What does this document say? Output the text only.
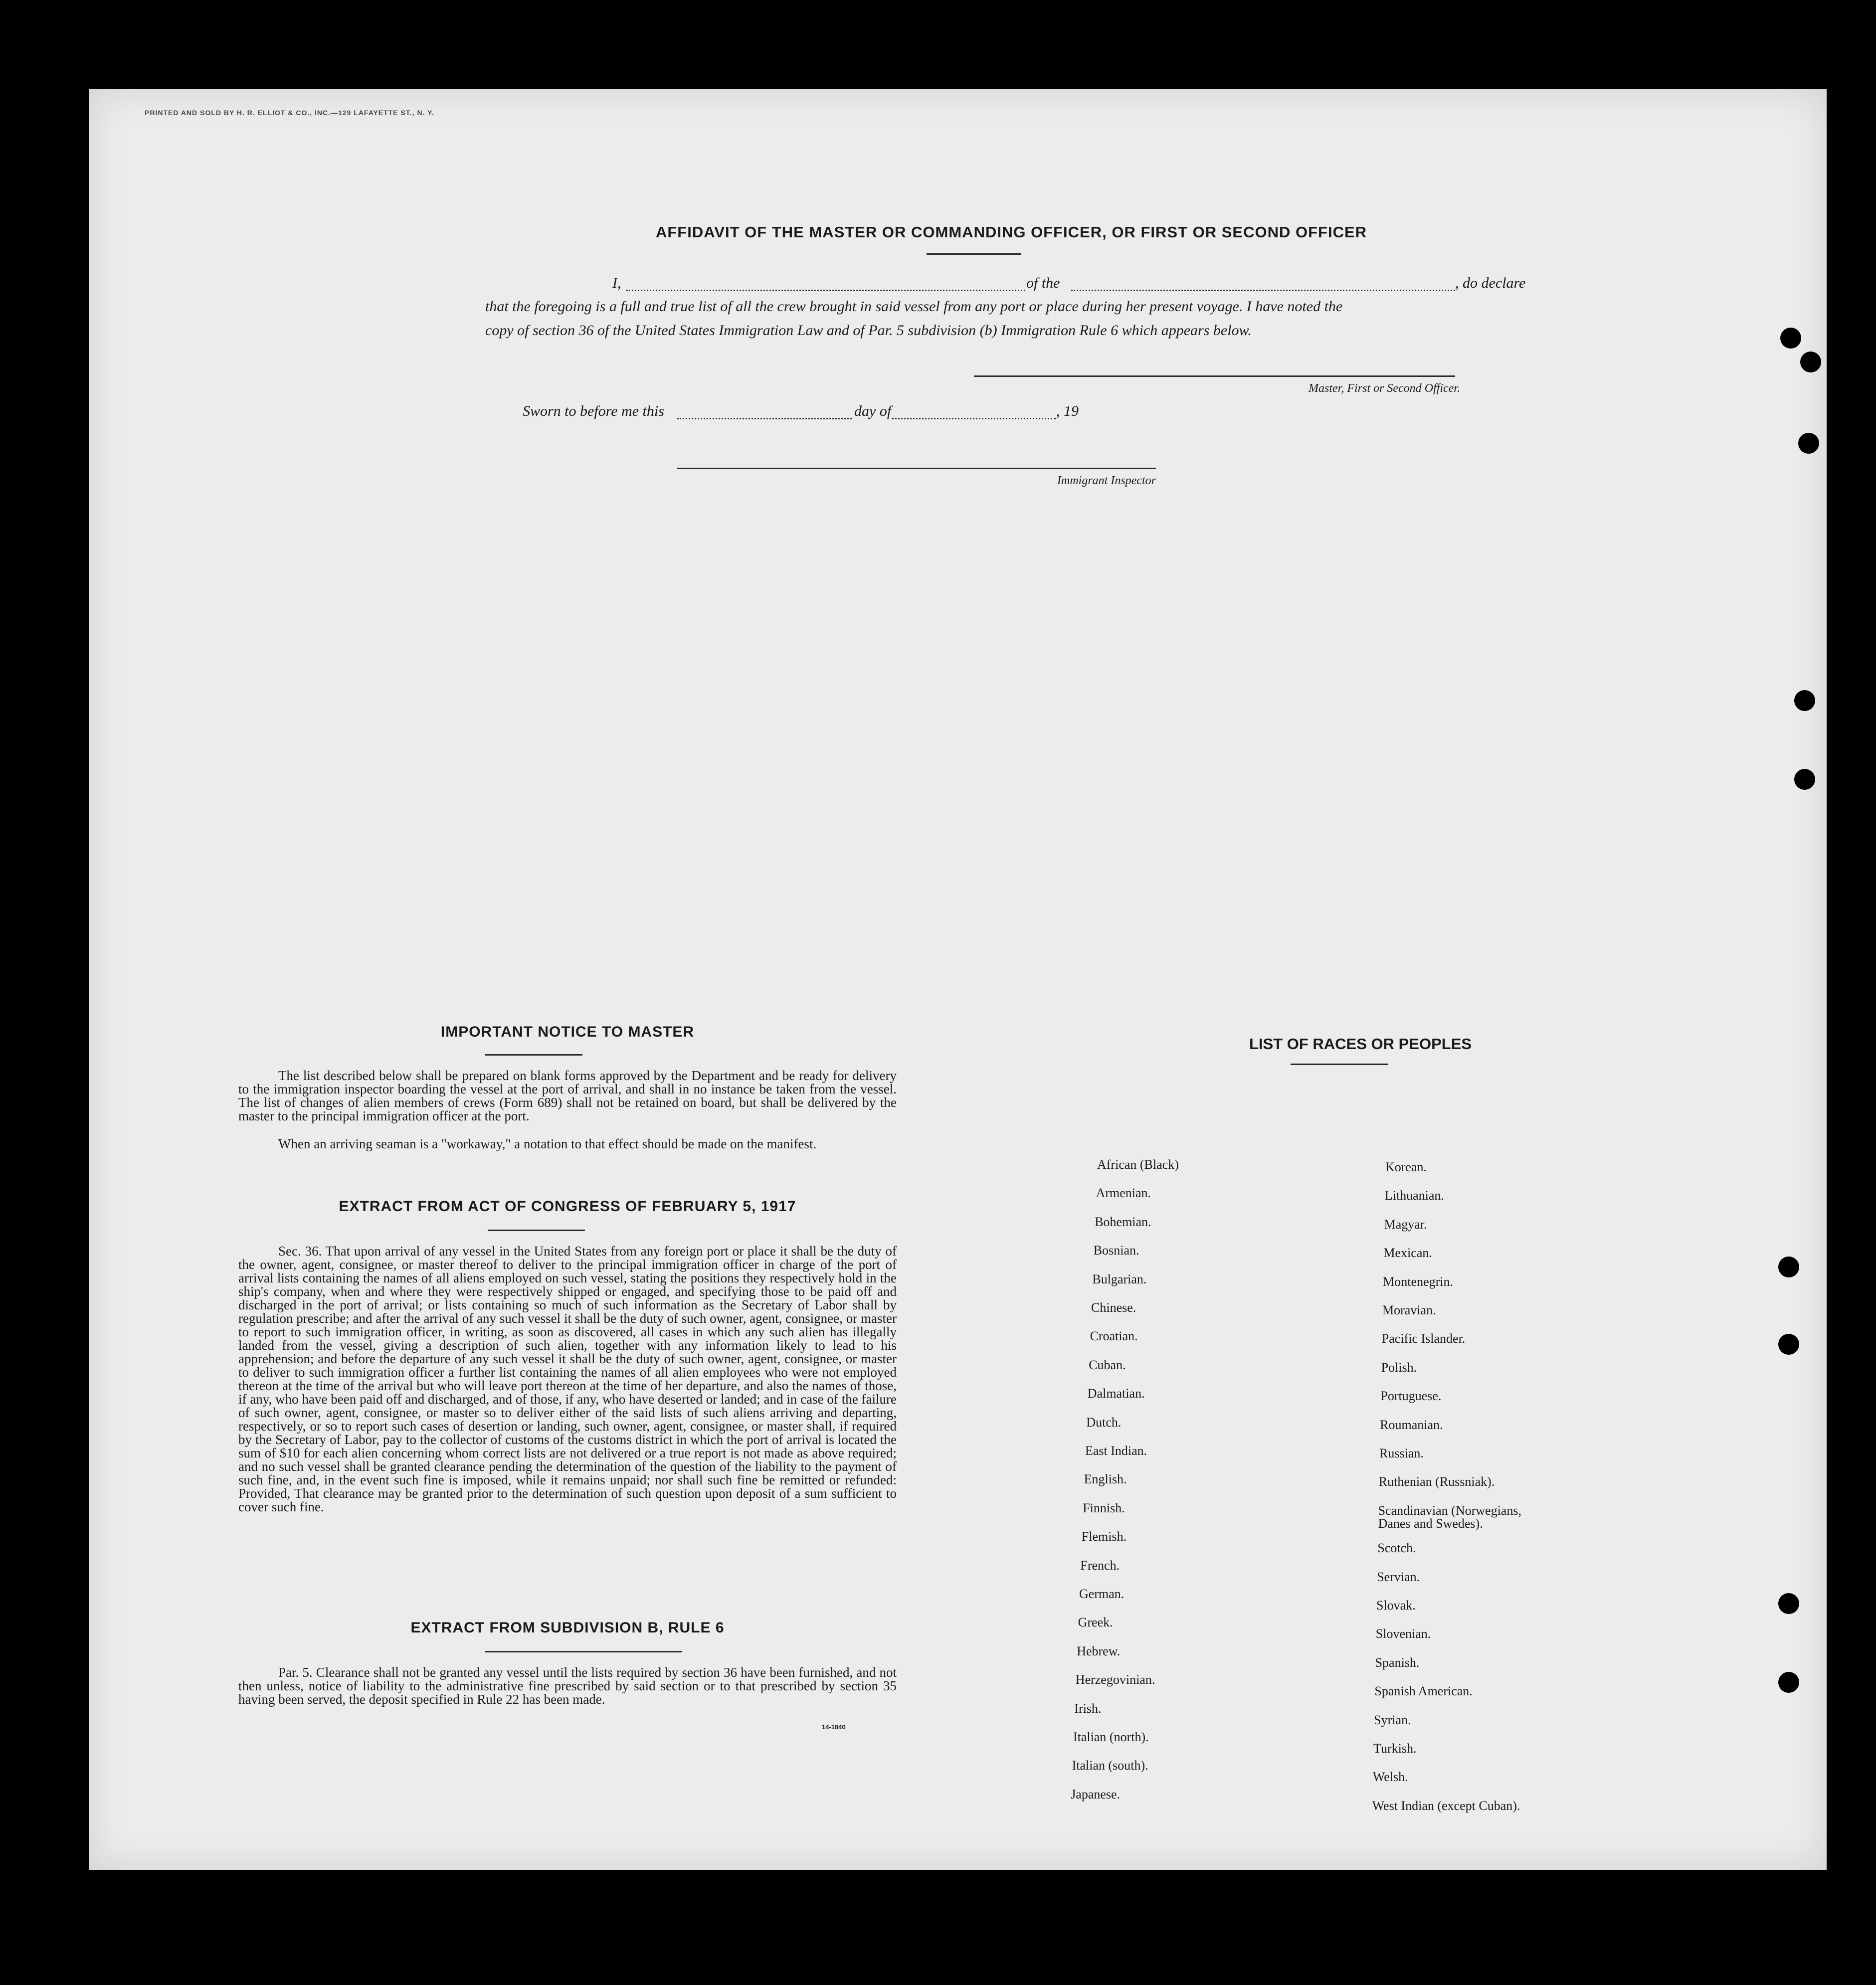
PRINTED AND SOLD BY H. R. ELLIOT & CO., INC.—129 LAFAYETTE ST., N. Y.
AFFIDAVIT OF THE MASTER OR COMMANDING OFFICER, OR FIRST OR SECOND OFFICER
I,	of the	, do declare
that the foregoing is a full and true list of all the crew brought in said vessel from any port or place during her present voyage. I have noted the
copy of section 36 of the United States Immigration Law and of Par. 5 subdivision (b) Immigration Rule 6 which appears below.
Master, First or Second Officer.
Sworn to before me this	day of	, 19
Immigrant Inspector
IMPORTANT NOTICE TO MASTER
The list described below shall be prepared on blank forms approved by the Department and be ready for delivery to the immigration inspector boarding the vessel at the port of arrival, and shall in no instance be taken from the vessel. The list of changes of alien members of crews (Form 689) shall not be retained on board, but shall be delivered by the master to the principal immigration officer at the port.
When an arriving seaman is a "workaway," a notation to that effect should be made on the manifest.
EXTRACT FROM ACT OF CONGRESS OF FEBRUARY 5, 1917
Sec. 36. That upon arrival of any vessel in the United States from any foreign port or place it shall be the duty of the owner, agent, consignee, or master thereof to deliver to the principal immigration officer in charge of the port of arrival lists containing the names of all aliens employed on such vessel, stating the positions they respectively hold in the ship's company, when and where they were respectively shipped or engaged, and specifying those to be paid off and discharged in the port of arrival; or lists containing so much of such information as the Secretary of Labor shall by regulation prescribe; and after the arrival of any such vessel it shall be the duty of such owner, agent, consignee, or master to report to such immigration officer, in writing, as soon as discovered, all cases in which any such alien has illegally landed from the vessel, giving a description of such alien, together with any information likely to lead to his apprehension; and before the departure of any such vessel it shall be the duty of such owner, agent, consignee, or master to deliver to such immigration officer a further list containing the names of all alien employees who were not employed thereon at the time of the arrival but who will leave port thereon at the time of her departure, and also the names of those, if any, who have been paid off and discharged, and of those, if any, who have deserted or landed; and in case of the failure of such owner, agent, consignee, or master so to deliver either of the said lists of such aliens arriving and departing, respectively, or so to report such cases of desertion or landing, such owner, agent, consignee, or master shall, if required by the Secretary of Labor, pay to the collector of customs of the customs district in which the port of arrival is located the sum of $10 for each alien concerning whom correct lists are not delivered or a true report is not made as above required; and no such vessel shall be granted clearance pending the determination of the question of the liability to the payment of such fine, and, in the event such fine is imposed, while it remains unpaid; nor shall such fine be remitted or refunded: Provided, That clearance may be granted prior to the determination of such question upon deposit of a sum sufficient to cover such fine.
EXTRACT FROM SUBDIVISION B, RULE 6
Par. 5. Clearance shall not be granted any vessel until the lists required by section 36 have been furnished, and not then unless, notice of liability to the administrative fine prescribed by said section or to that prescribed by section 35 having been served, the deposit specified in Rule 22 has been made.
14-1840
LIST OF RACES OR PEOPLES
African (Black)
Armenian.
Bohemian.
Bosnian.
Bulgarian.
Chinese.
Croatian.
Cuban.
Dalmatian.
Dutch.
East Indian.
English.
Finnish.
Flemish.
French.
German.
Greek.
Hebrew.
Herzegovinian.
Irish.
Italian (north).
Italian (south).
Japanese.
Korean.
Lithuanian.
Magyar.
Mexican.
Montenegrin.
Moravian.
Pacific Islander.
Polish.
Portuguese.
Roumanian.
Russian.
Ruthenian (Russniak).
Scandinavian (Norwegians,
Danes and Swedes).
Scotch.
Servian.
Slovak.
Slovenian.
Spanish.
Spanish American.
Syrian.
Turkish.
Welsh.
West Indian (except Cuban).
